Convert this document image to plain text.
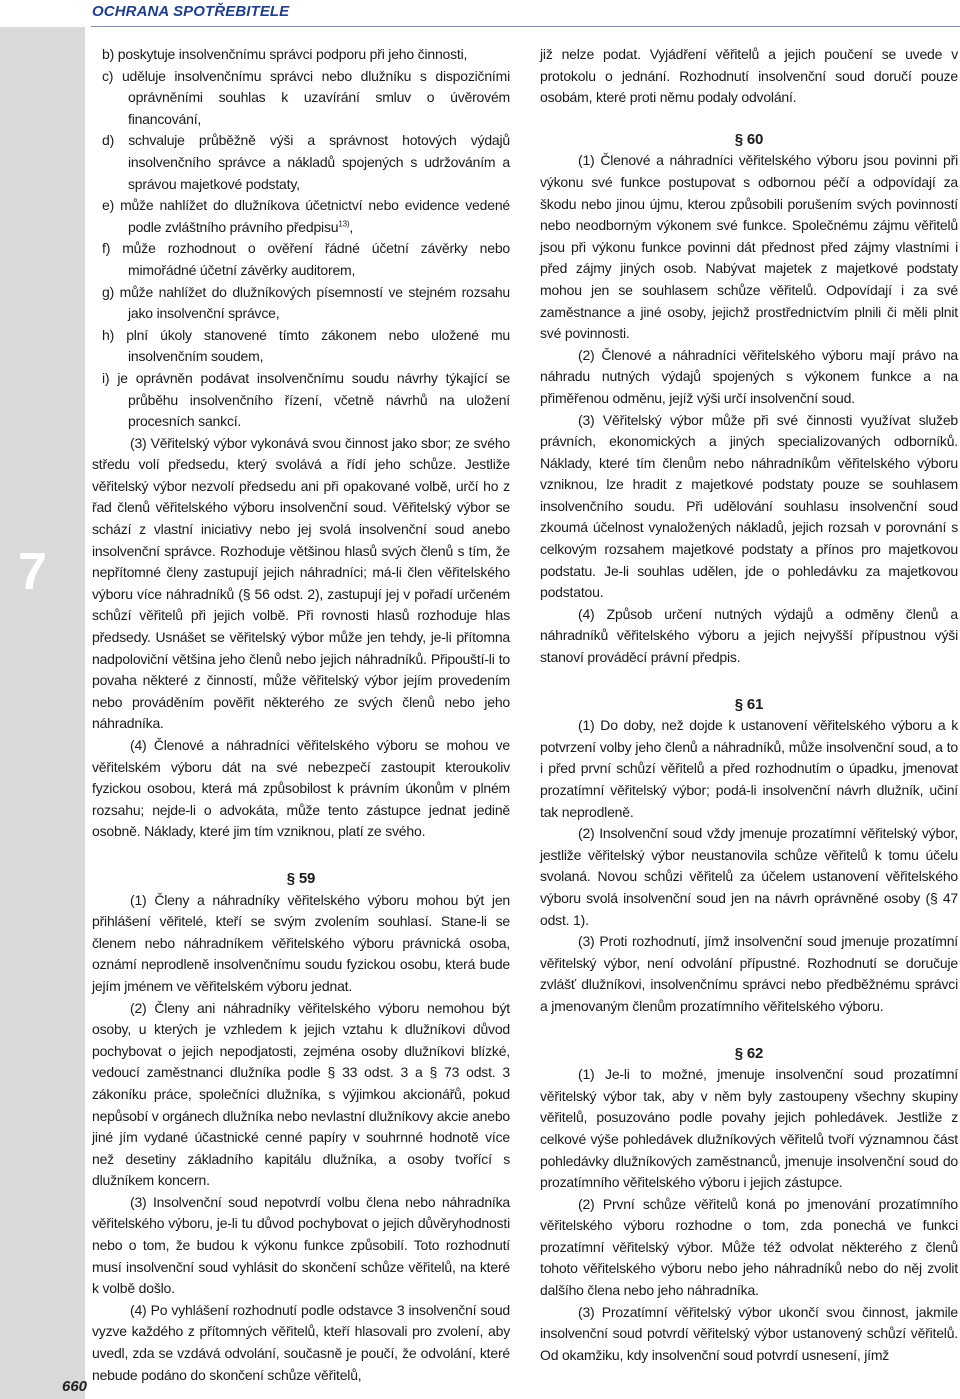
OCHRANA SPOTŘEBITELE
7
660

b) poskytuje insolvenčnímu správci podporu při jeho činnosti,

c) uděluje insolvenčnímu správci nebo dlužníku s dispozičními oprávněními souhlas k uzavírání smluv o úvěrovém financování,

d) schvaluje průběžně výši a správnost hotových výdajů insolvenčního správce a nákladů spojených s udržováním a správou majetkové podstaty,

e) může nahlížet do dlužníkova účetnictví nebo evidence vedené podle zvláštního právního předpisu$^{13)}$,

f) může rozhodnout o ověření řádné účetní závěrky nebo mimořádné účetní závěrky auditorem,

g) může nahlížet do dlužníkových písemností ve stejném rozsahu jako insolvenční správce,

h) plní úkoly stanovené tímto zákonem nebo uložené mu insolvenčním soudem,

i) je oprávněn podávat insolvenčnímu soudu návrhy týkající se průběhu insolvenčního řízení, včetně návrhů na uložení procesních sankcí.

(3) Věřitelský výbor vykonává svou činnost jako sbor; ze svého středu volí předsedu, který svolává a řídí jeho schůze. Jestliže věřitelský výbor nezvolí předsedu ani při opakované volbě, určí ho z řad členů věřitelského výboru insolvenční soud. Věřitelský výbor se schází z vlastní iniciativy nebo jej svolá insolvenční soud anebo insolvenční správce. Rozhoduje většinou hlasů svých členů s tím, že nepřítomné členy zastupují jejich náhradníci; má-li člen věřitelského výboru více náhradníků (§ 56 odst. 2), zastupují jej v pořadí určeném schůzí věřitelů při jejich volbě. Při rovnosti hlasů rozhoduje hlas předsedy. Usnášet se věřitelský výbor může jen tehdy, je-li přítomna nadpoloviční většina jeho členů nebo jejich náhradníků. Připouští-li to povaha některé z činností, může věřitelský výbor jejím provedením nebo prováděním pověřit některého ze svých členů nebo jeho náhradníka.

(4) Členové a náhradníci věřitelského výboru se mohou ve věřitelském výboru dát na své nebezpečí zastoupit kteroukoliv fyzickou osobou, která má způsobilost k právním úkonům v plném rozsahu; nejde-li o advokáta, může tento zástupce jednat jedině osobně. Náklady, které jim tím vzniknou, platí ze svého.

§ 59

(1) Členy a náhradníky věřitelského výboru mohou být jen přihlášení věřitelé, kteří se svým zvolením souhlasí. Stane-li se členem nebo náhradníkem věřitelského výboru právnická osoba, oznámí neprodleně insolvenčnímu soudu fyzickou osobu, která bude jejím jménem ve věřitelském výboru jednat.

(2) Členy ani náhradníky věřitelského výboru nemohou být osoby, u kterých je vzhledem k jejich vztahu k dlužníkovi důvod pochybovat o jejich nepodjatosti, zejména osoby dlužníkovi blízké, vedoucí zaměstnanci dlužníka podle § 33 odst. 3 a § 73 odst. 3 zákoníku práce, společníci dlužníka, s výjimkou akcionářů, pokud nepůsobí v orgánech dlužníka nebo nevlastní dlužníkovy akcie anebo jiné jím vydané účastnické cenné papíry v souhrnné hodnotě více než desetiny základního kapitálu dlužníka, a osoby tvořící s dlužníkem koncern.

(3) Insolvenční soud nepotvrdí volbu člena nebo náhradníka věřitelského výboru, je-li tu důvod pochybovat o jejich důvěryhodnosti nebo o tom, že budou k výkonu funkce způsobilí. Toto rozhodnutí musí insolvenční soud vyhlásit do skončení schůze věřitelů, na které k volbě došlo.

(4) Po vyhlášení rozhodnutí podle odstavce 3 insolvenční soud vyzve každého z přítomných věřitelů, kteří hlasovali pro zvolení, aby uvedl, zda se vzdává odvolání, současně je poučí, že odvolání, které nebude podáno do skončení schůze věřitelů,

již nelze podat. Vyjádření věřitelů a jejich poučení se uvede v protokolu o jednání. Rozhodnutí insolvenční soud doručí pouze osobám, které proti němu podaly odvolání.

§ 60

(1) Členové a náhradníci věřitelského výboru jsou povinni při výkonu své funkce postupovat s odbornou péčí a odpovídají za škodu nebo jinou újmu, kterou způsobili porušením svých povinností nebo neodborným výkonem své funkce. Společnému zájmu věřitelů jsou při výkonu funkce povinni dát přednost před zájmy vlastními i před zájmy jiných osob. Nabývat majetek z majetkové podstaty mohou jen se souhlasem schůze věřitelů. Odpovídají i za své zaměstnance a jiné osoby, jejichž prostřednictvím plnili či měli plnit své povinnosti.

(2) Členové a náhradníci věřitelského výboru mají právo na náhradu nutných výdajů spojených s výkonem funkce a na přiměřenou odměnu, jejíž výši určí insolvenční soud.

(3) Věřitelský výbor může při své činnosti využívat služeb právních, ekonomických a jiných specializovaných odborníků. Náklady, které tím členům nebo náhradníkům věřitelského výboru vzniknou, lze hradit z majetkové podstaty pouze se souhlasem insolvenčního soudu. Při udělování souhlasu insolvenční soud zkoumá účelnost vynaložených nákladů, jejich rozsah v porovnání s celkovým rozsahem majetkové podstaty a přínos pro majetkovou podstatu. Je-li souhlas udělen, jde o pohledávku za majetkovou podstatou.

(4) Způsob určení nutných výdajů a odměny členů a náhradníků věřitelského výboru a jejich nejvyšší přípustnou výši stanoví prováděcí právní předpis.

§ 61

(1) Do doby, než dojde k ustanovení věřitelského výboru a k potvrzení volby jeho členů a náhradníků, může insolvenční soud, a to i před první schůzí věřitelů a před rozhodnutím o úpadku, jmenovat prozatímní věřitelský výbor; podá-li insolvenční návrh dlužník, učiní tak neprodleně.

(2) Insolvenční soud vždy jmenuje prozatímní věřitelský výbor, jestliže věřitelský výbor neustanovila schůze věřitelů k tomu účelu svolaná. Novou schůzi věřitelů za účelem ustanovení věřitelského výboru svolá insolvenční soud jen na návrh oprávněné osoby (§ 47 odst. 1).

(3) Proti rozhodnutí, jímž insolvenční soud jmenuje prozatímní věřitelský výbor, není odvolání přípustné. Rozhodnutí se doručuje zvlášť dlužníkovi, insolvenčnímu správci nebo předběžnému správci a jmenovaným členům prozatímního věřitelského výboru.

§ 62

(1) Je-li to možné, jmenuje insolvenční soud prozatímní věřitelský výbor tak, aby v něm byly zastoupeny všechny skupiny věřitelů, posuzováno podle povahy jejich pohledávek. Jestliže z celkové výše pohledávek dlužníkových věřitelů tvoří významnou část pohledávky dlužníkových zaměstnanců, jmenuje insolvenční soud do prozatímního věřitelského výboru i jejich zástupce.

(2) První schůze věřitelů koná po jmenování prozatímního věřitelského výboru rozhodne o tom, zda ponechá ve funkci prozatímní věřitelský výbor. Může též odvolat některého z členů tohoto věřitelského výboru nebo jeho náhradníků nebo do něj zvolit dalšího člena nebo jeho náhradníka.

(3) Prozatímní věřitelský výbor ukončí svou činnost, jakmile insolvenční soud potvrdí věřitelský výbor ustanovený schůzí věřitelů. Od okamžiku, kdy insolvenční soud potvrdí usnesení, jímž
